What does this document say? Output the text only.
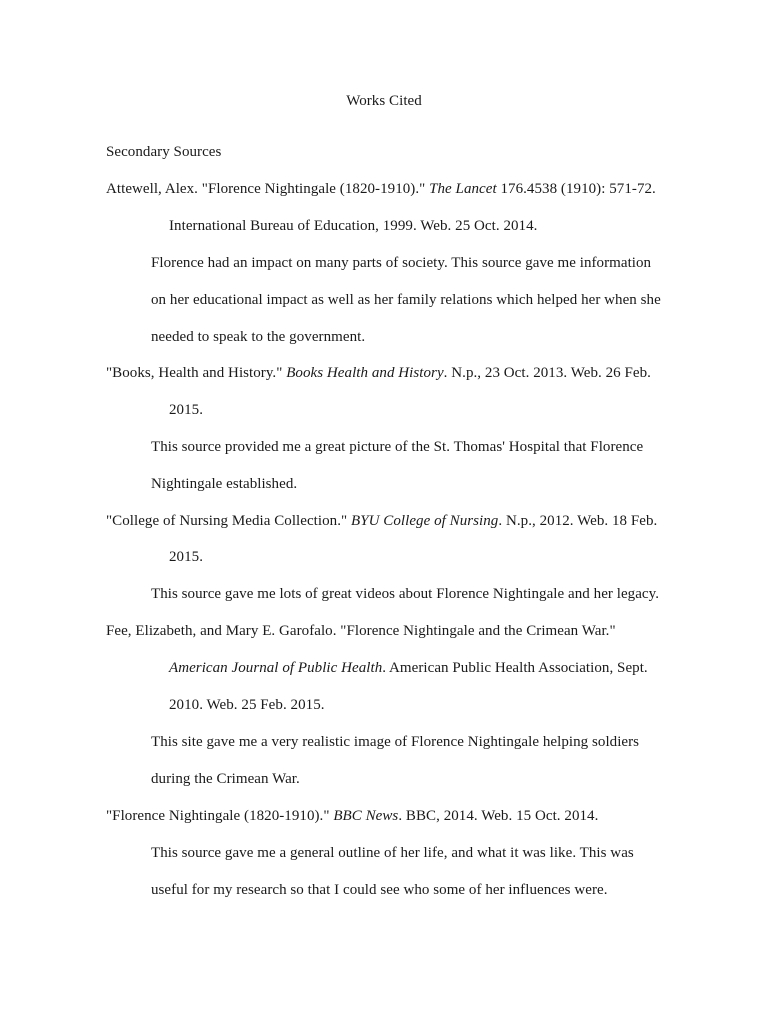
Works Cited
Secondary Sources
Attewell, Alex. "Florence Nightingale (1820-1910)." The Lancet 176.4538 (1910): 571-72.
International Bureau of Education, 1999. Web. 25 Oct. 2014.
Florence had an impact on many parts of society. This source gave me information
on her educational impact as well as her family relations which helped her when she
needed to speak to the government.
"Books, Health and History." Books Health and History. N.p., 23 Oct. 2013. Web. 26 Feb.
2015.
This source provided me a great picture of the St. Thomas' Hospital that Florence
Nightingale established.
"College of Nursing Media Collection." BYU College of Nursing. N.p., 2012. Web. 18 Feb.
2015.
This source gave me lots of great videos about Florence Nightingale and her legacy.
Fee, Elizabeth, and Mary E. Garofalo. "Florence Nightingale and the Crimean War."
American Journal of Public Health. American Public Health Association, Sept.
2010. Web. 25 Feb. 2015.
This site gave me a very realistic image of Florence Nightingale helping soldiers
during the Crimean War.
"Florence Nightingale (1820-1910)." BBC News. BBC, 2014. Web. 15 Oct. 2014.
This source gave me a general outline of her life, and what it was like. This was
useful for my research so that I could see who some of her influences were.
